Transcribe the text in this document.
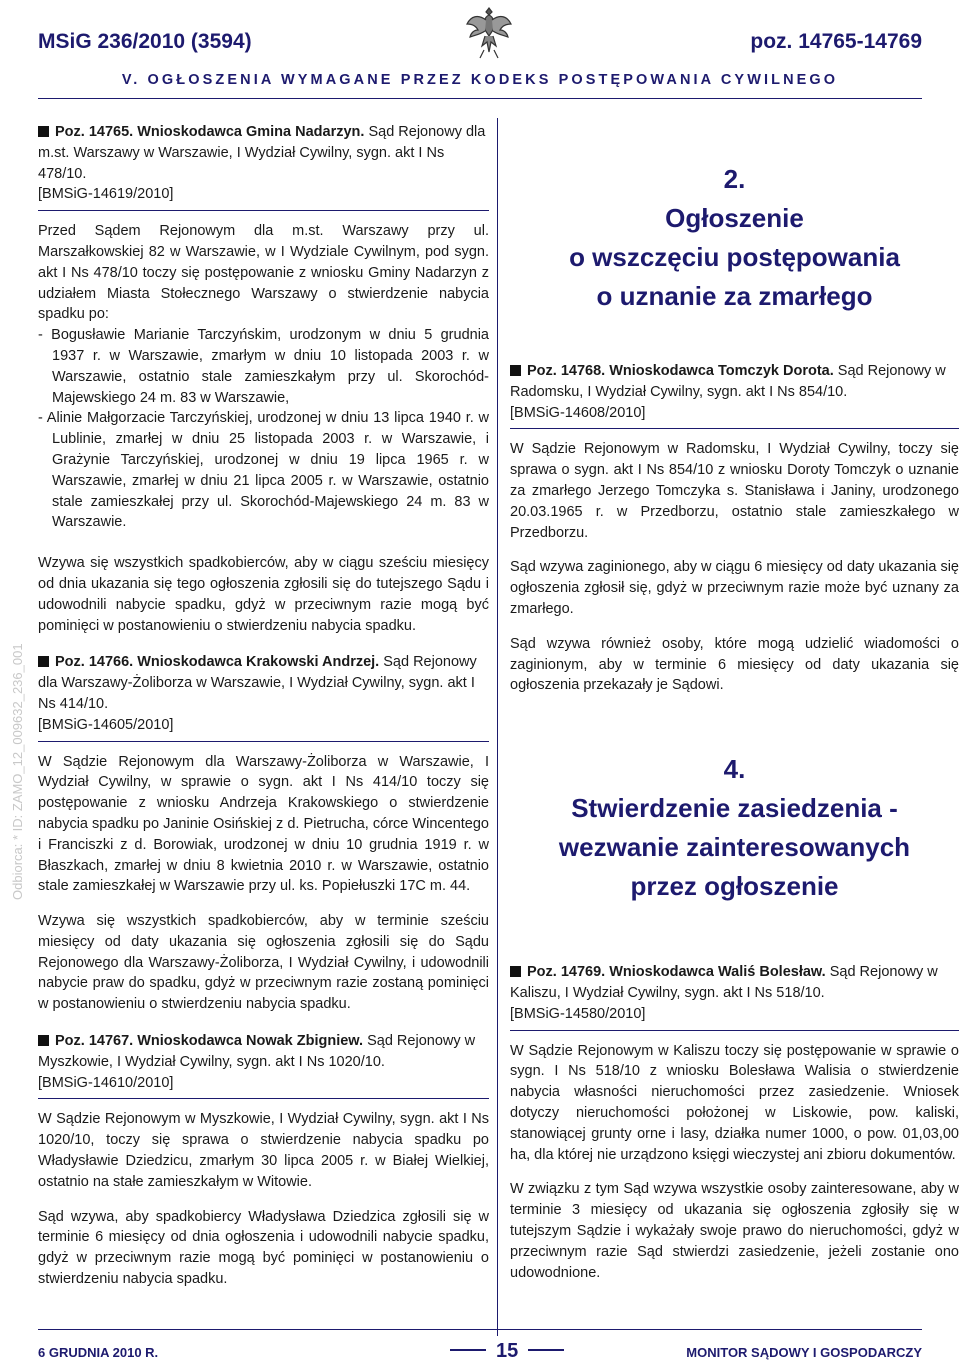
MSiG 236/2010 (3594)	poz. 14765-14769
V. OGŁOSZENIA WYMAGANE PRZEZ KODEKS POSTĘPOWANIA CYWILNEGO
Odbiorca: * ID: ZAMO_12_009632_236_001
Poz. 14765. Wnioskodawca Gmina Nadarzyn. Sąd Rejonowy dla m.st. Warszawy w Warszawie, I Wydział Cywilny, sygn. akt I Ns 478/10.
[BMSiG-14619/2010]

Przed Sądem Rejonowym dla m.st. Warszawy przy ul. Marszałkowskiej 82 w Warszawie, w I Wydziale Cywilnym, pod sygn. akt I Ns 478/10 toczy się postępowanie z wniosku Gminy Nadarzyn z udziałem Miasta Stołecznego Warszawy o stwierdzenie nabycia spadku po:

- Bogusławie Marianie Tarczyńskim, urodzonym w dniu 5 grudnia 1937 r. w Warszawie, zmarłym w dniu 10 listopada 2003 r. w Warszawie, ostatnio stale zamieszkałym przy ul. Skorochód-Majewskiego 24 m. 83 w Warszawie,
- Alinie Małgorzacie Tarczyńskiej, urodzonej w dniu 13 lipca 1940 r. w Lublinie, zmarłej w dniu 25 listopada 2003 r. w Warszawie, i Grażynie Tarczyńskiej, urodzonej w dniu 19 lipca 1965 r. w Warszawie, zmarłej w dniu 21 lipca 2005 r. w Warszawie, ostatnio stale zamieszkałej przy ul. Skorochód-Majewskiego 24 m. 83 w Warszawie.

Wzywa się wszystkich spadkobierców, aby w ciągu sześciu miesięcy od dnia ukazania się tego ogłoszenia zgłosili się do tutejszego Sądu i udowodnili nabycie spadku, gdyż w przeciwnym razie mogą być pominięci w postanowieniu o stwierdzeniu nabycia spadku.

Poz. 14766. Wnioskodawca Krakowski Andrzej. Sąd Rejonowy dla Warszawy-Żoliborza w Warszawie, I Wydział Cywilny, sygn. akt I Ns 414/10.
[BMSiG-14605/2010]

W Sądzie Rejonowym dla Warszawy-Żoliborza w Warszawie, I Wydział Cywilny, w sprawie o sygn. akt I Ns 414/10 toczy się postępowanie z wniosku Andrzeja Krakowskiego o stwierdzenie nabycia spadku po Janinie Osińskiej z d. Pietrucha, córce Wincentego i Franciszki z d. Borowiak, urodzonej w dniu 10 grudnia 1919 r. w Błaszkach, zmarłej w dniu 8 kwietnia 2010 r. w Warszawie, ostatnio stale zamieszkałej w Warszawie przy ul. ks. Popiełuszki 17C m. 44.

Wzywa się wszystkich spadkobierców, aby w terminie sześciu miesięcy od daty ukazania się ogłoszenia zgłosili się do Sądu Rejonowego dla Warszawy-Żoliborza, I Wydział Cywilny, i udowodnili nabycie praw do spadku, gdyż w przeciwnym razie zostaną pominięci w postanowieniu o stwierdzeniu nabycia spadku.

Poz. 14767. Wnioskodawca Nowak Zbigniew. Sąd Rejonowy w Myszkowie, I Wydział Cywilny, sygn. akt I Ns 1020/10.
[BMSiG-14610/2010]

W Sądzie Rejonowym w Myszkowie, I Wydział Cywilny, sygn. akt I Ns 1020/10, toczy się sprawa o stwierdzenie nabycia spadku po Władysławie Dziedzicu, zmarłym 30 lipca 2005 r. w Białej Wielkiej, ostatnio na stałe zamieszkałym w Witowie.

Sąd wzywa, aby spadkobiercy Władysława Dziedzica zgłosili się w terminie 6 miesięcy od dnia ogłoszenia i udowodnili nabycie spadku, gdyż w przeciwnym razie mogą być pominięci w postanowieniu o stwierdzeniu nabycia spadku.

2.
Ogłoszenie
o wszczęciu postępowania
o uznanie za zmarłego
Poz. 14768. Wnioskodawca Tomczyk Dorota. Sąd Rejonowy w Radomsku, I Wydział Cywilny, sygn. akt I Ns 854/10.
[BMSiG-14608/2010]

W Sądzie Rejonowym w Radomsku, I Wydział Cywilny, toczy się sprawa o sygn. akt I Ns 854/10 z wniosku Doroty Tomczyk o uznanie za zmarłego Jerzego Tomczyka s. Stanisława i Janiny, urodzonego 20.03.1965 r. w Przedborzu, ostatnio stale zamieszkałego w Przedborzu.

Sąd wzywa zaginionego, aby w ciągu 6 miesięcy od daty ukazania się ogłoszenia zgłosił się, gdyż w przeciwnym razie może być uznany za zmarłego.

Sąd wzywa również osoby, które mogą udzielić wiadomości o zaginionym, aby w terminie 6 miesięcy od daty ukazania się ogłoszenia przekazały je Sądowi.

4.
Stwierdzenie zasiedzenia -
wezwanie zainteresowanych
przez ogłoszenie
Poz. 14769. Wnioskodawca Waliś Bolesław. Sąd Rejonowy w Kaliszu, I Wydział Cywilny, sygn. akt I Ns 518/10.
[BMSiG-14580/2010]

W Sądzie Rejonowym w Kaliszu toczy się postępowanie w sprawie o sygn. I Ns 518/10 z wniosku Bolesława Walisia o stwierdzenie nabycia własności nieruchomości przez zasiedzenie. Wniosek dotyczy nieruchomości położonej w Liskowie, pow. kaliski, stanowiącej grunty orne i lasy, działka numer 1000, o pow. 01,03,00 ha, dla której nie urządzono księgi wieczystej ani zbioru dokumentów.

W związku z tym Sąd wzywa wszystkie osoby zainteresowane, aby w terminie 3 miesięcy od ukazania się ogłoszenia zgłosiły się w tutejszym Sądzie i wykażały swoje prawo do nieruchomości, gdyż w przeciwnym razie Sąd stwierdzi zasiedzenie, jeżeli zostanie ono udowodnione.

6 GRUDNIA 2010 R.	15	MONITOR SĄDOWY I GOSPODARCZY
